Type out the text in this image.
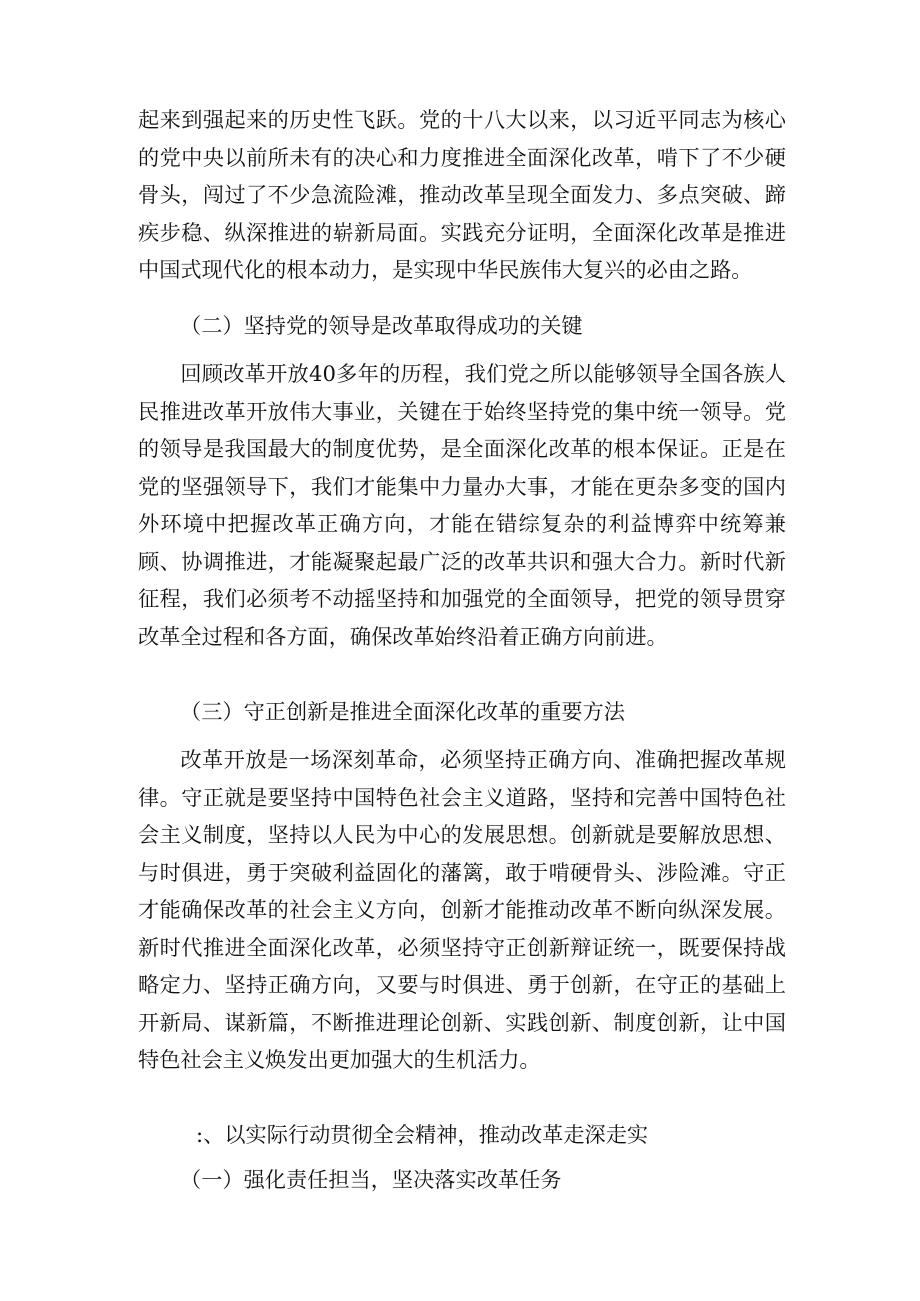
起来到强起来的历史性飞跃。党的十八大以来，以习近平同志为核心的党中央以前所未有的决心和力度推进全面深化改革，啃下了不少硬骨头，闯过了不少急流险滩，推动改革呈现全面发力、多点突破、蹄疾步稳、纵深推进的崭新局面。实践充分证明，全面深化改革是推进中国式现代化的根本动力，是实现中华民族伟大复兴的必由之路。

（二）坚持党的领导是改革取得成功的关键

回顾改革开放40多年的历程，我们党之所以能够领导全国各族人民推进改革开放伟大事业，关键在于始终坚持党的集中统一领导。党的领导是我国最大的制度优势，是全面深化改革的根本保证。正是在党的坚强领导下，我们才能集中力量办大事，才能在更杂多变的国内外环境中把握改革正确方向，才能在错综复杂的利益博弈中统筹兼顾、协调推进，才能凝聚起最广泛的改革共识和强大合力。新时代新征程，我们必须考不动摇坚持和加强党的全面领导，把党的领导贯穿改革全过程和各方面，确保改革始终沿着正确方向前进。

（三）守正创新是推进全面深化改革的重要方法

改革开放是一场深刻革命，必须坚持正确方向、准确把握改革规律。守正就是要坚持中国特色社会主义道路，坚持和完善中国特色社会主义制度，坚持以人民为中心的发展思想。创新就是要解放思想、与时俱进，勇于突破利益固化的藩篱，敢于啃硬骨头、涉险滩。守正才能确保改革的社会主义方向，创新才能推动改革不断向纵深发展。新时代推进全面深化改革，必须坚持守正创新辩证统一，既要保持战略定力、坚持正确方向，又要与时俱进、勇于创新，在守正的基础上开新局、谋新篇，不断推进理论创新、实践创新、制度创新，让中国特色社会主义焕发出更加强大的生机活力。

:、以实际行动贯彻全会精神，推动改革走深走实

（一）强化责任担当，坚决落实改革任务
